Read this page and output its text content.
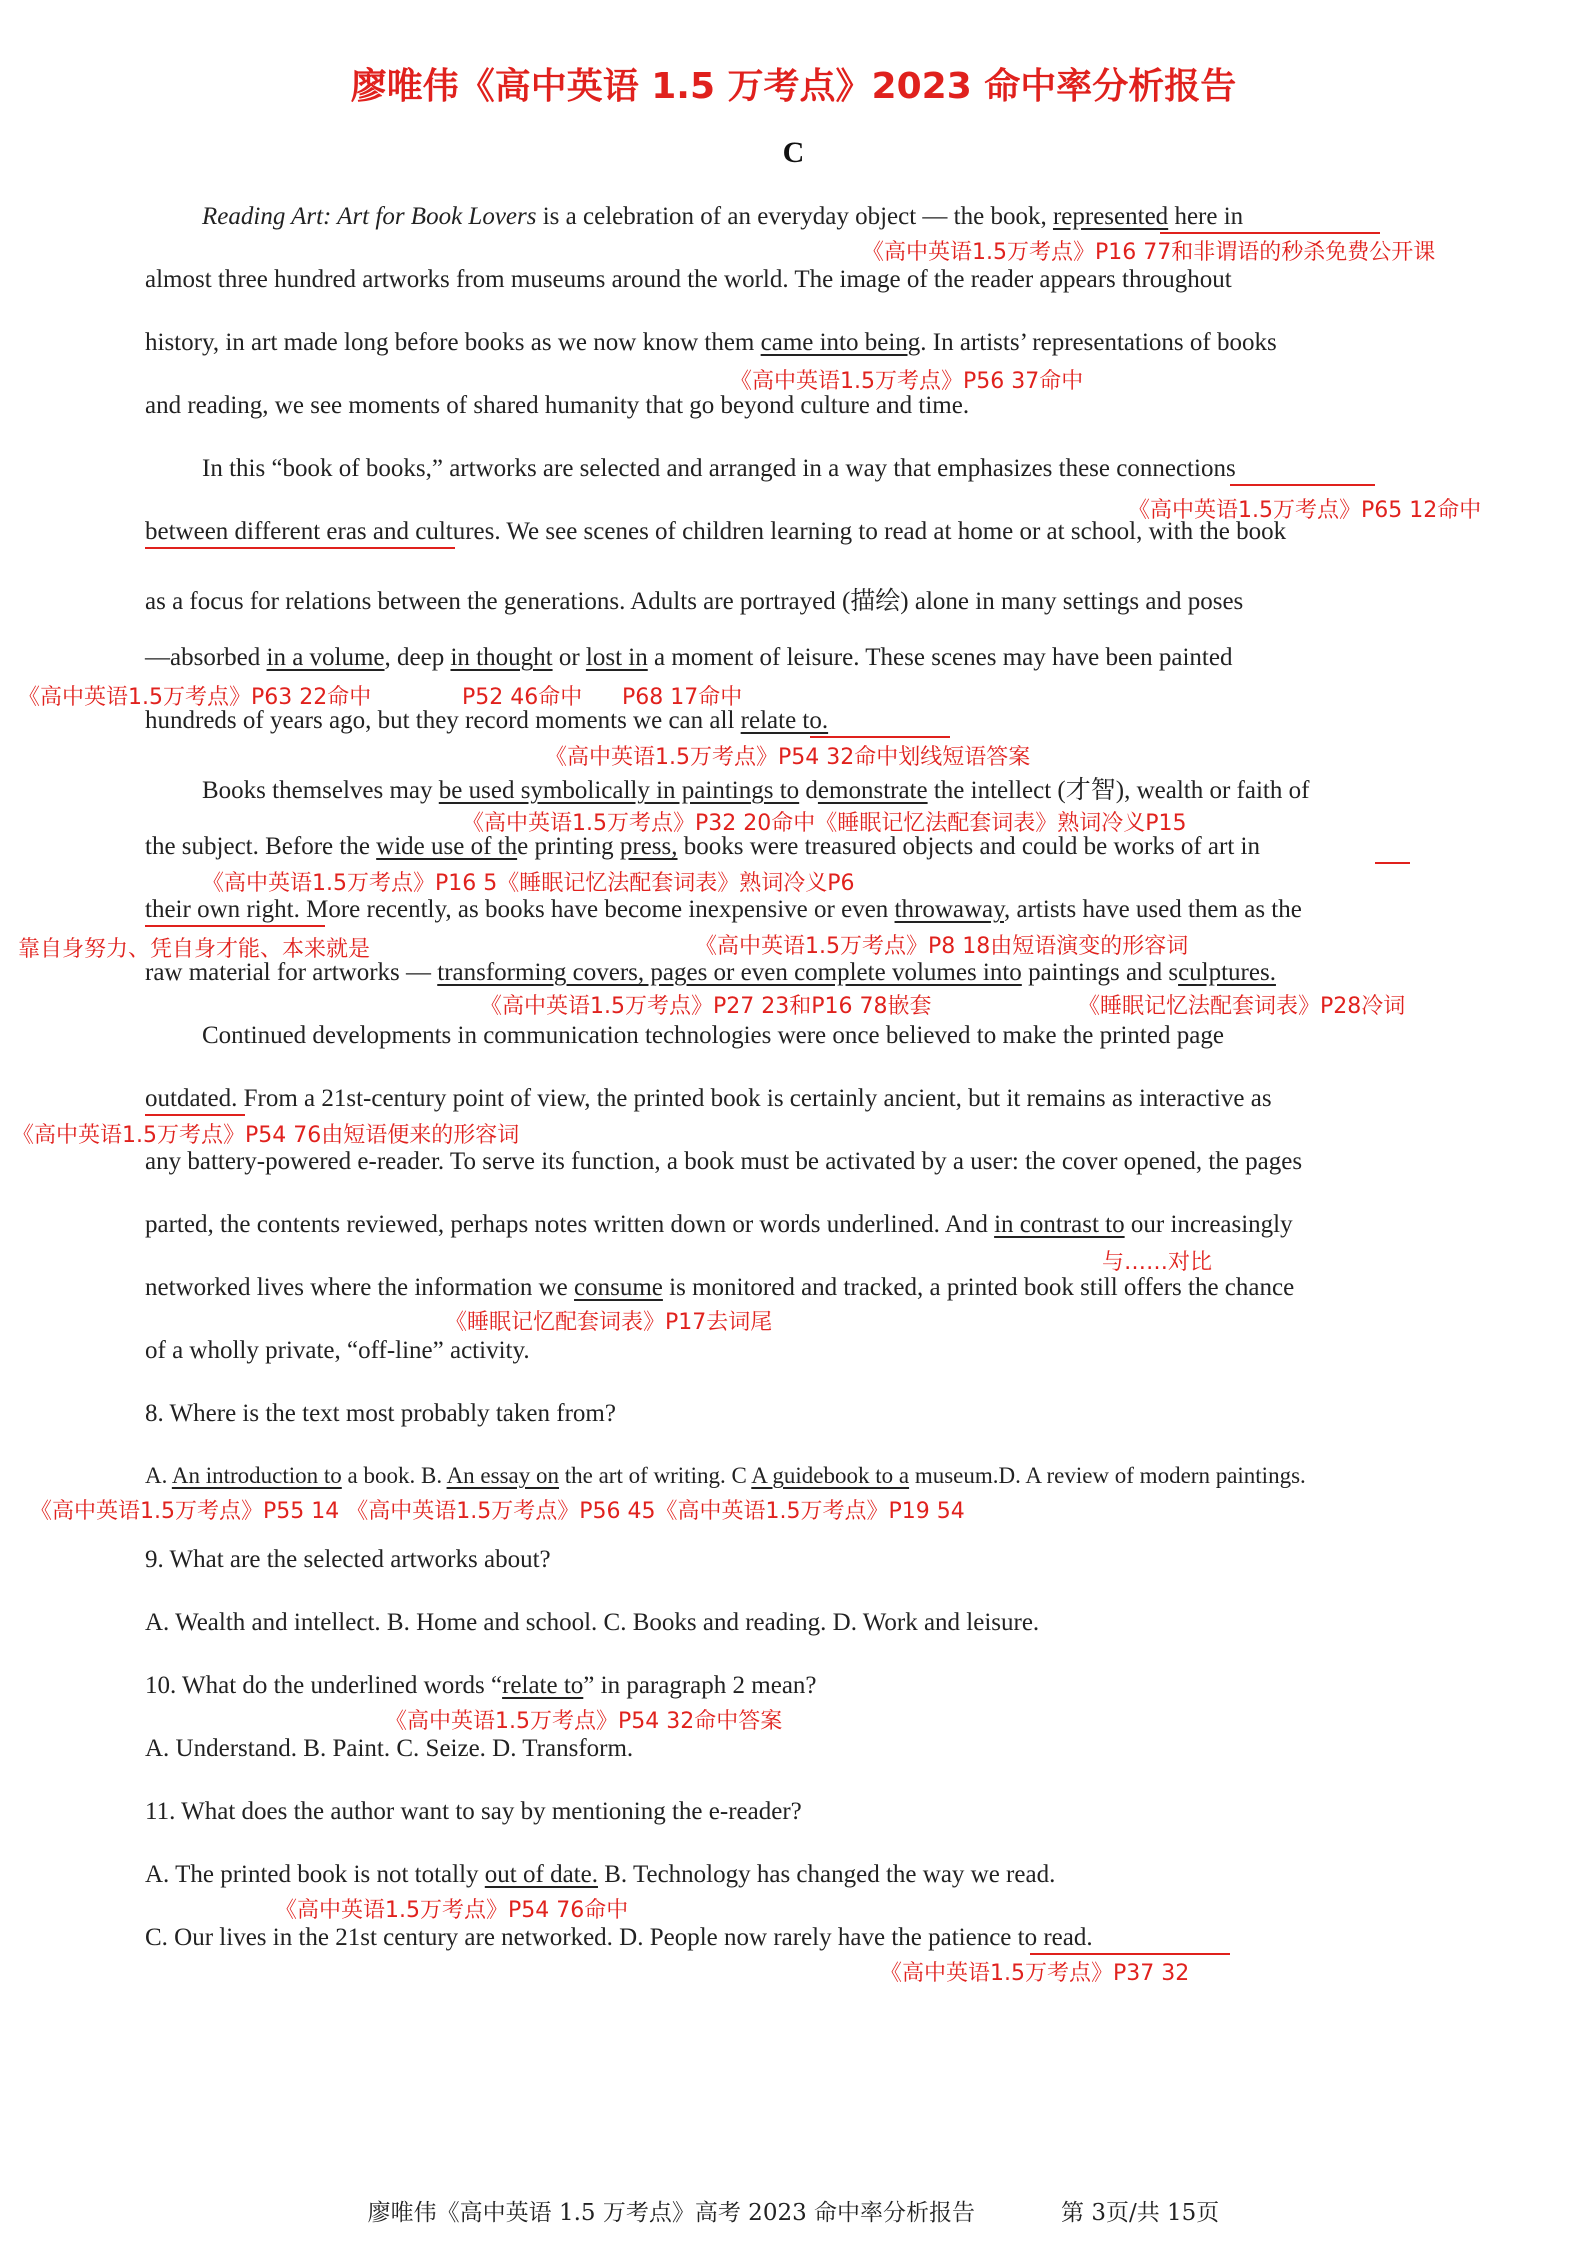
廖唯伟《高中英语 1.5 万考点》2023 命中率分析报告
C
Reading Art: Art for Book Lovers is a celebration of an everyday object — the book, represented here in
almost three hundred artworks from museums around the world. The image of the reader appears throughout
history, in art made long before books as we now know them came into being. In artists’ representations of books
and reading, we see moments of shared humanity that go beyond culture and time.
In this “book of books,” artworks are selected and arranged in a way that emphasizes these connections
between different eras and cultures. We see scenes of children learning to read at home or at school, with the book
as a focus for relations between the generations. Adults are portrayed (描绘) alone in many settings and poses
—absorbed in a volume, deep in thought or lost in a moment of leisure. These scenes may have been painted
hundreds of years ago, but they record moments we can all relate to.
Books themselves may be used symbolically in paintings to demonstrate the intellect (才智), wealth or faith of
the subject. Before the wide use of the printing press, books were treasured objects and could be works of art in
their own right. More recently, as books have become inexpensive or even throwaway, artists have used them as the
raw material for artworks — transforming covers, pages or even complete volumes into paintings and sculptures.
Continued developments in communication technologies were once believed to make the printed page
outdated. From a 21st-century point of view, the printed book is certainly ancient, but it remains as interactive as
any battery-powered e-reader. To serve its function, a book must be activated by a user: the cover opened, the pages
parted, the contents reviewed, perhaps notes written down or words underlined. And in contrast to our increasingly
networked lives where the information we consume is monitored and tracked, a printed book still offers the chance
of a wholly private, “off-line” activity.
8. Where is the text most probably taken from?
A. An introduction to a book. B. An essay on the art of writing. C A guidebook to a museum.D. A review of modern paintings.
9. What are the selected artworks about?
A. Wealth and intellect. B. Home and school. C. Books and reading. D. Work and leisure.
10. What do the underlined words “relate to” in paragraph 2 mean?
A. Understand. B. Paint. C. Seize. D. Transform.
11. What does the author want to say by mentioning the e-reader?
A. The printed book is not totally out of date. B. Technology has changed the way we read.
C. Our lives in the 21st century are networked. D. People now rarely have the patience to read.
《高中英语1.5万考点》P16 77和非谓语的秒杀免费公开课
《高中英语1.5万考点》P56 37命中
《高中英语1.5万考点》P65 12命中
《高中英语1.5万考点》P63 22命中	P52 46命中 P68 17命中
《高中英语1.5万考点》P54 32命中划线短语答案
《高中英语1.5万考点》P32 20命中《睡眠记忆法配套词表》熟词冷义P15
《高中英语1.5万考点》P16 5《睡眠记忆法配套词表》熟词冷义P6
靠自身努力、凭自身才能、本来就是	《高中英语1.5万考点》P8 18由短语演变的形容词
《高中英语1.5万考点》P27 23和P16 78嵌套	《睡眠记忆法配套词表》P28冷词
《高中英语1.5万考点》P54 76由短语便来的形容词
与……对比
《睡眠记忆配套词表》P17去词尾
《高中英语1.5万考点》P55 14 《高中英语1.5万考点》P56 45《高中英语1.5万考点》P19 54
《高中英语1.5万考点》P54 32命中答案
《高中英语1.5万考点》P54 76命中
《高中英语1.5万考点》P37 32
廖唯伟《高中英语 1.5 万考点》高考 2023 命中率分析报告	第 3页/共 15页
